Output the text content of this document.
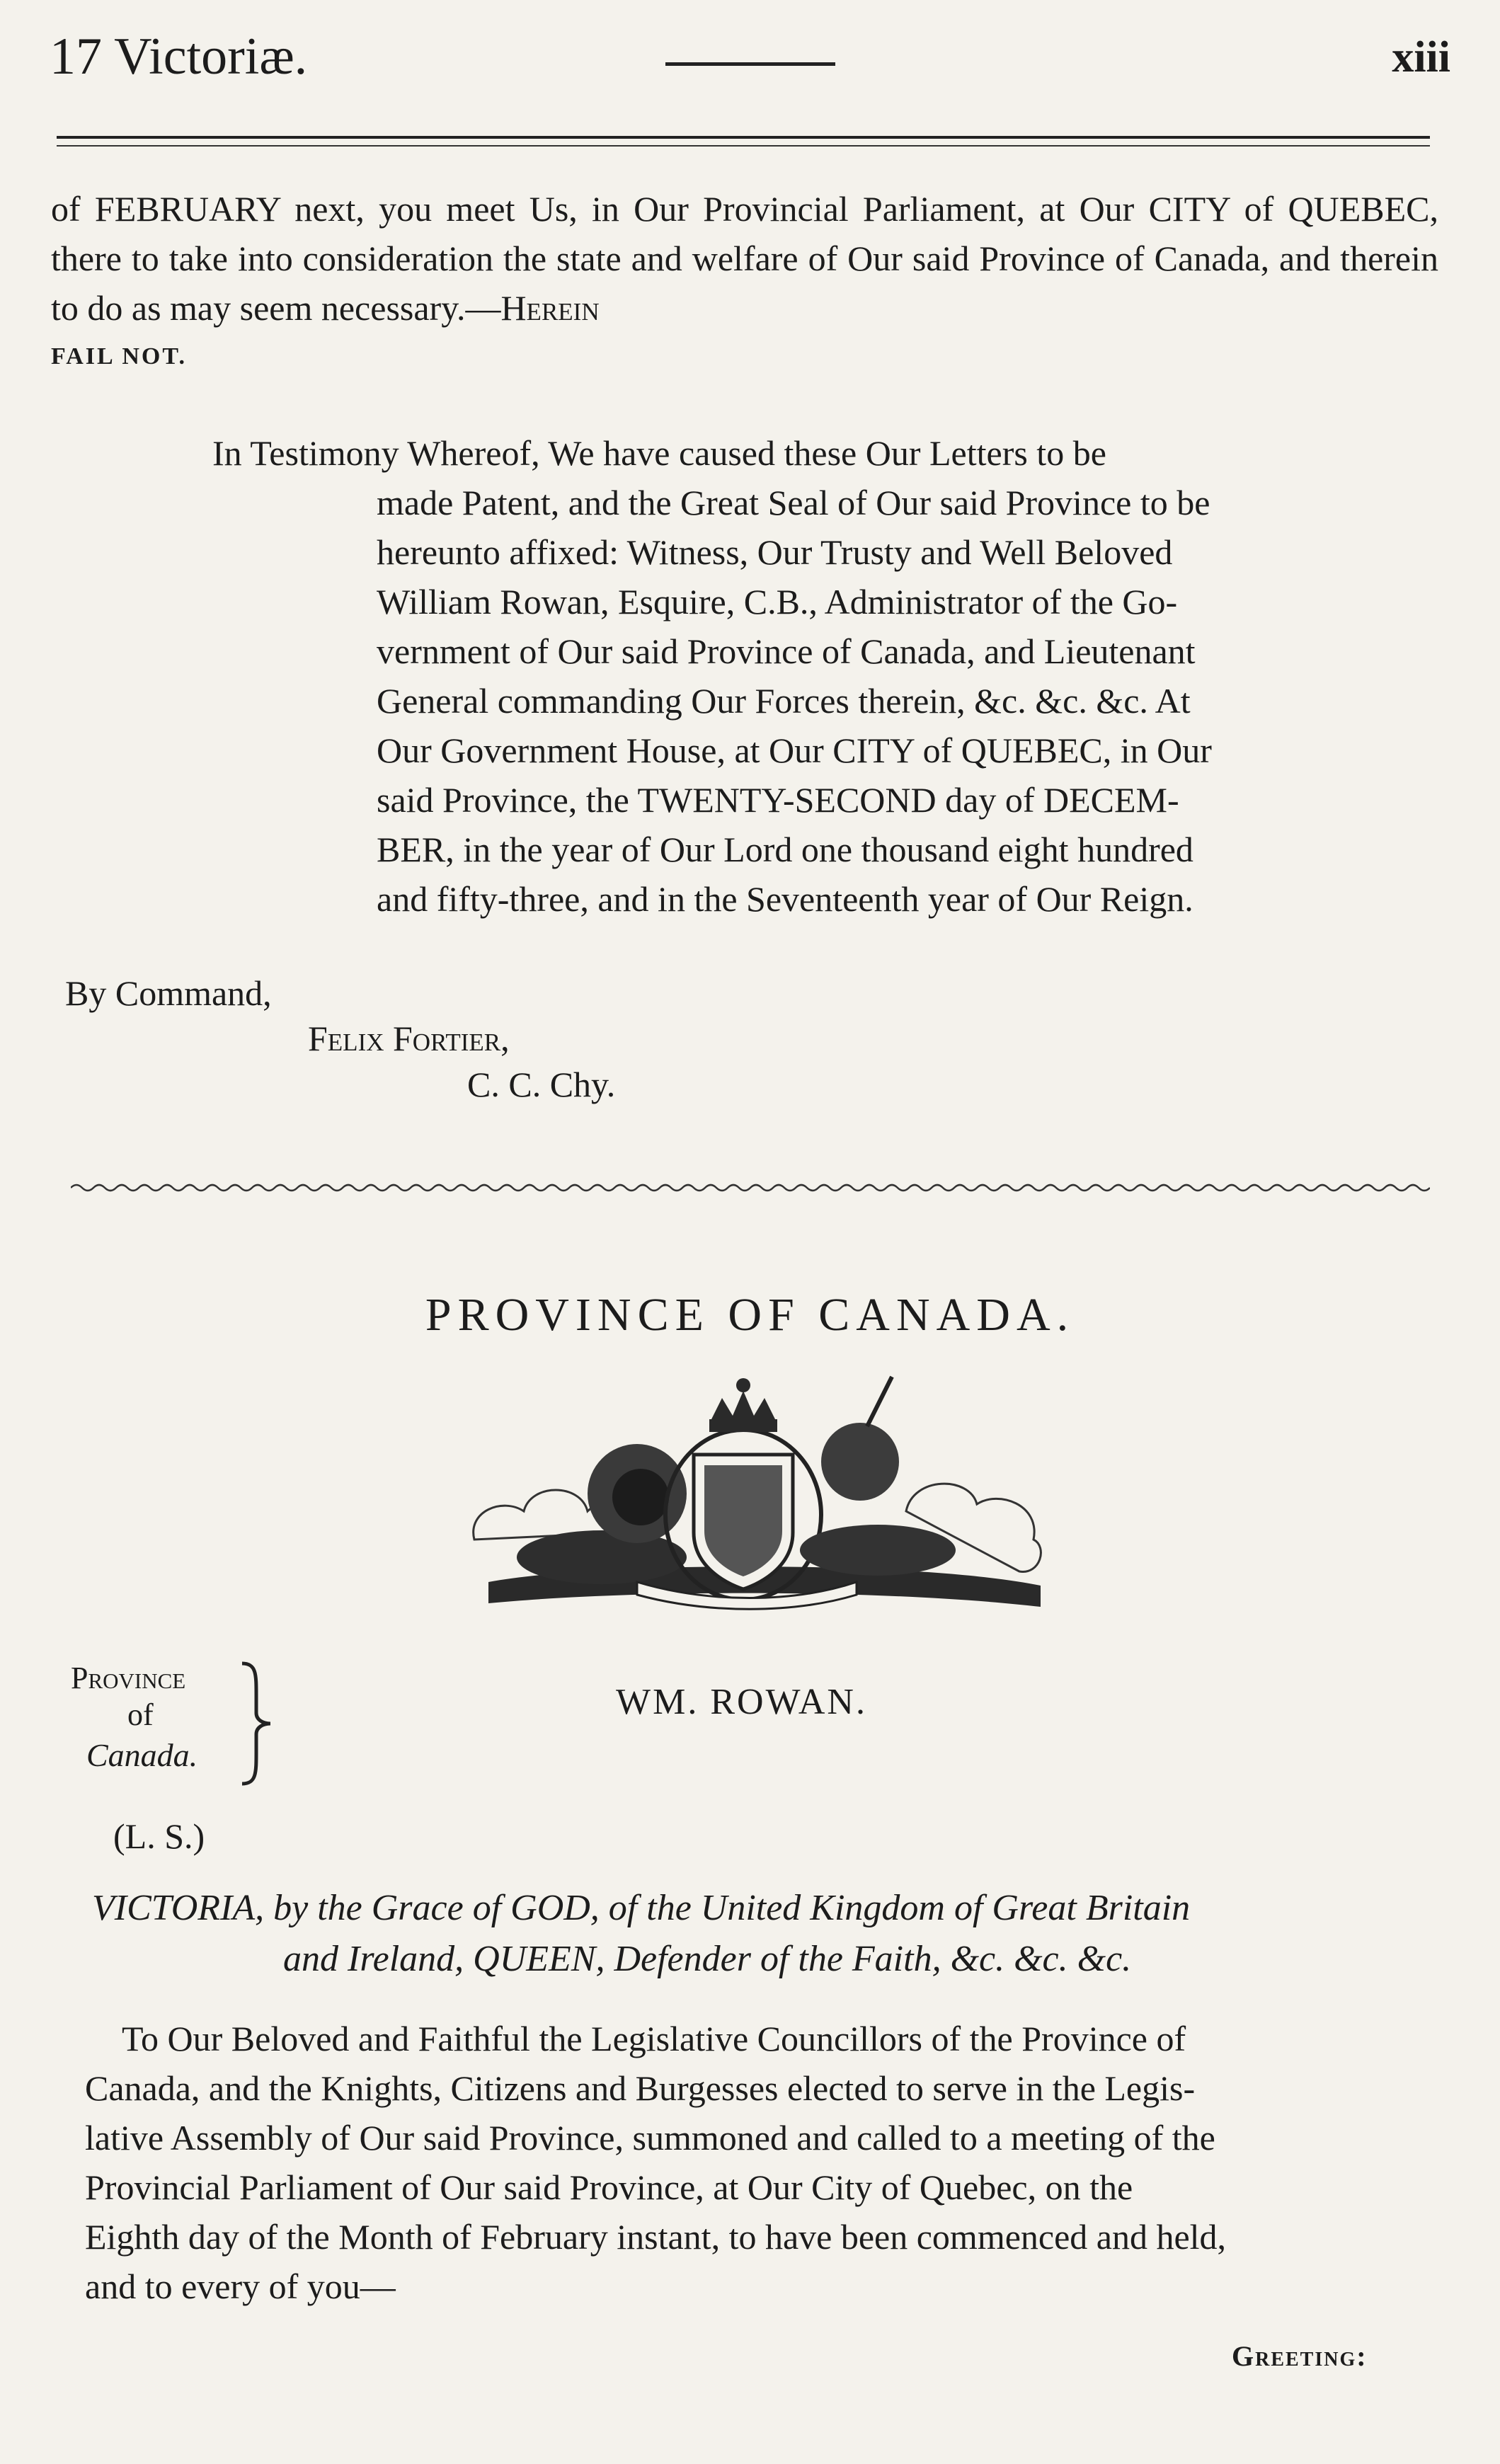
17 Victoriæ.	xiii
of FEBRUARY next, you meet Us, in Our Provincial Parliament, at Our CITY of QUEBEC, there to take into consideration the state and welfare of Our said Province of Canada, and therein to do as may seem necessary.—Herein
FAIL NOT.
In Testimony Whereof, We have caused these Our Letters to be
made Patent, and the Great Seal of Our said Province to be
hereunto affixed: Witness, Our Trusty and Well Beloved
William Rowan, Esquire, C.B., Administrator of the Go-
vernment of Our said Province of Canada, and Lieutenant
General commanding Our Forces therein, &c. &c. &c. At
Our Government House, at Our CITY of QUEBEC, in Our
said Province, the TWENTY-SECOND day of DECEM-
BER, in the year of Our Lord one thousand eight hundred
and fifty-three, and in the Seventeenth year of Our Reign.
By Command,
Felix Fortier,
C. C. Chy.
PROVINCE OF CANADA.
Province
of
Canada.
WM. ROWAN.
(L. S.)
VICTORIA, by the Grace of GOD, of the United Kingdom of Great Britain
and Ireland, QUEEN, Defender of the Faith, &c. &c. &c.
To Our Beloved and Faithful the Legislative Councillors of the Province of
Canada, and the Knights, Citizens and Burgesses elected to serve in the Legis-
lative Assembly of Our said Province, summoned and called to a meeting of the
Provincial Parliament of Our said Province, at Our City of Quebec, on the
Eighth day of the Month of February instant, to have been commenced and held,
and to every of you—
Greeting:
